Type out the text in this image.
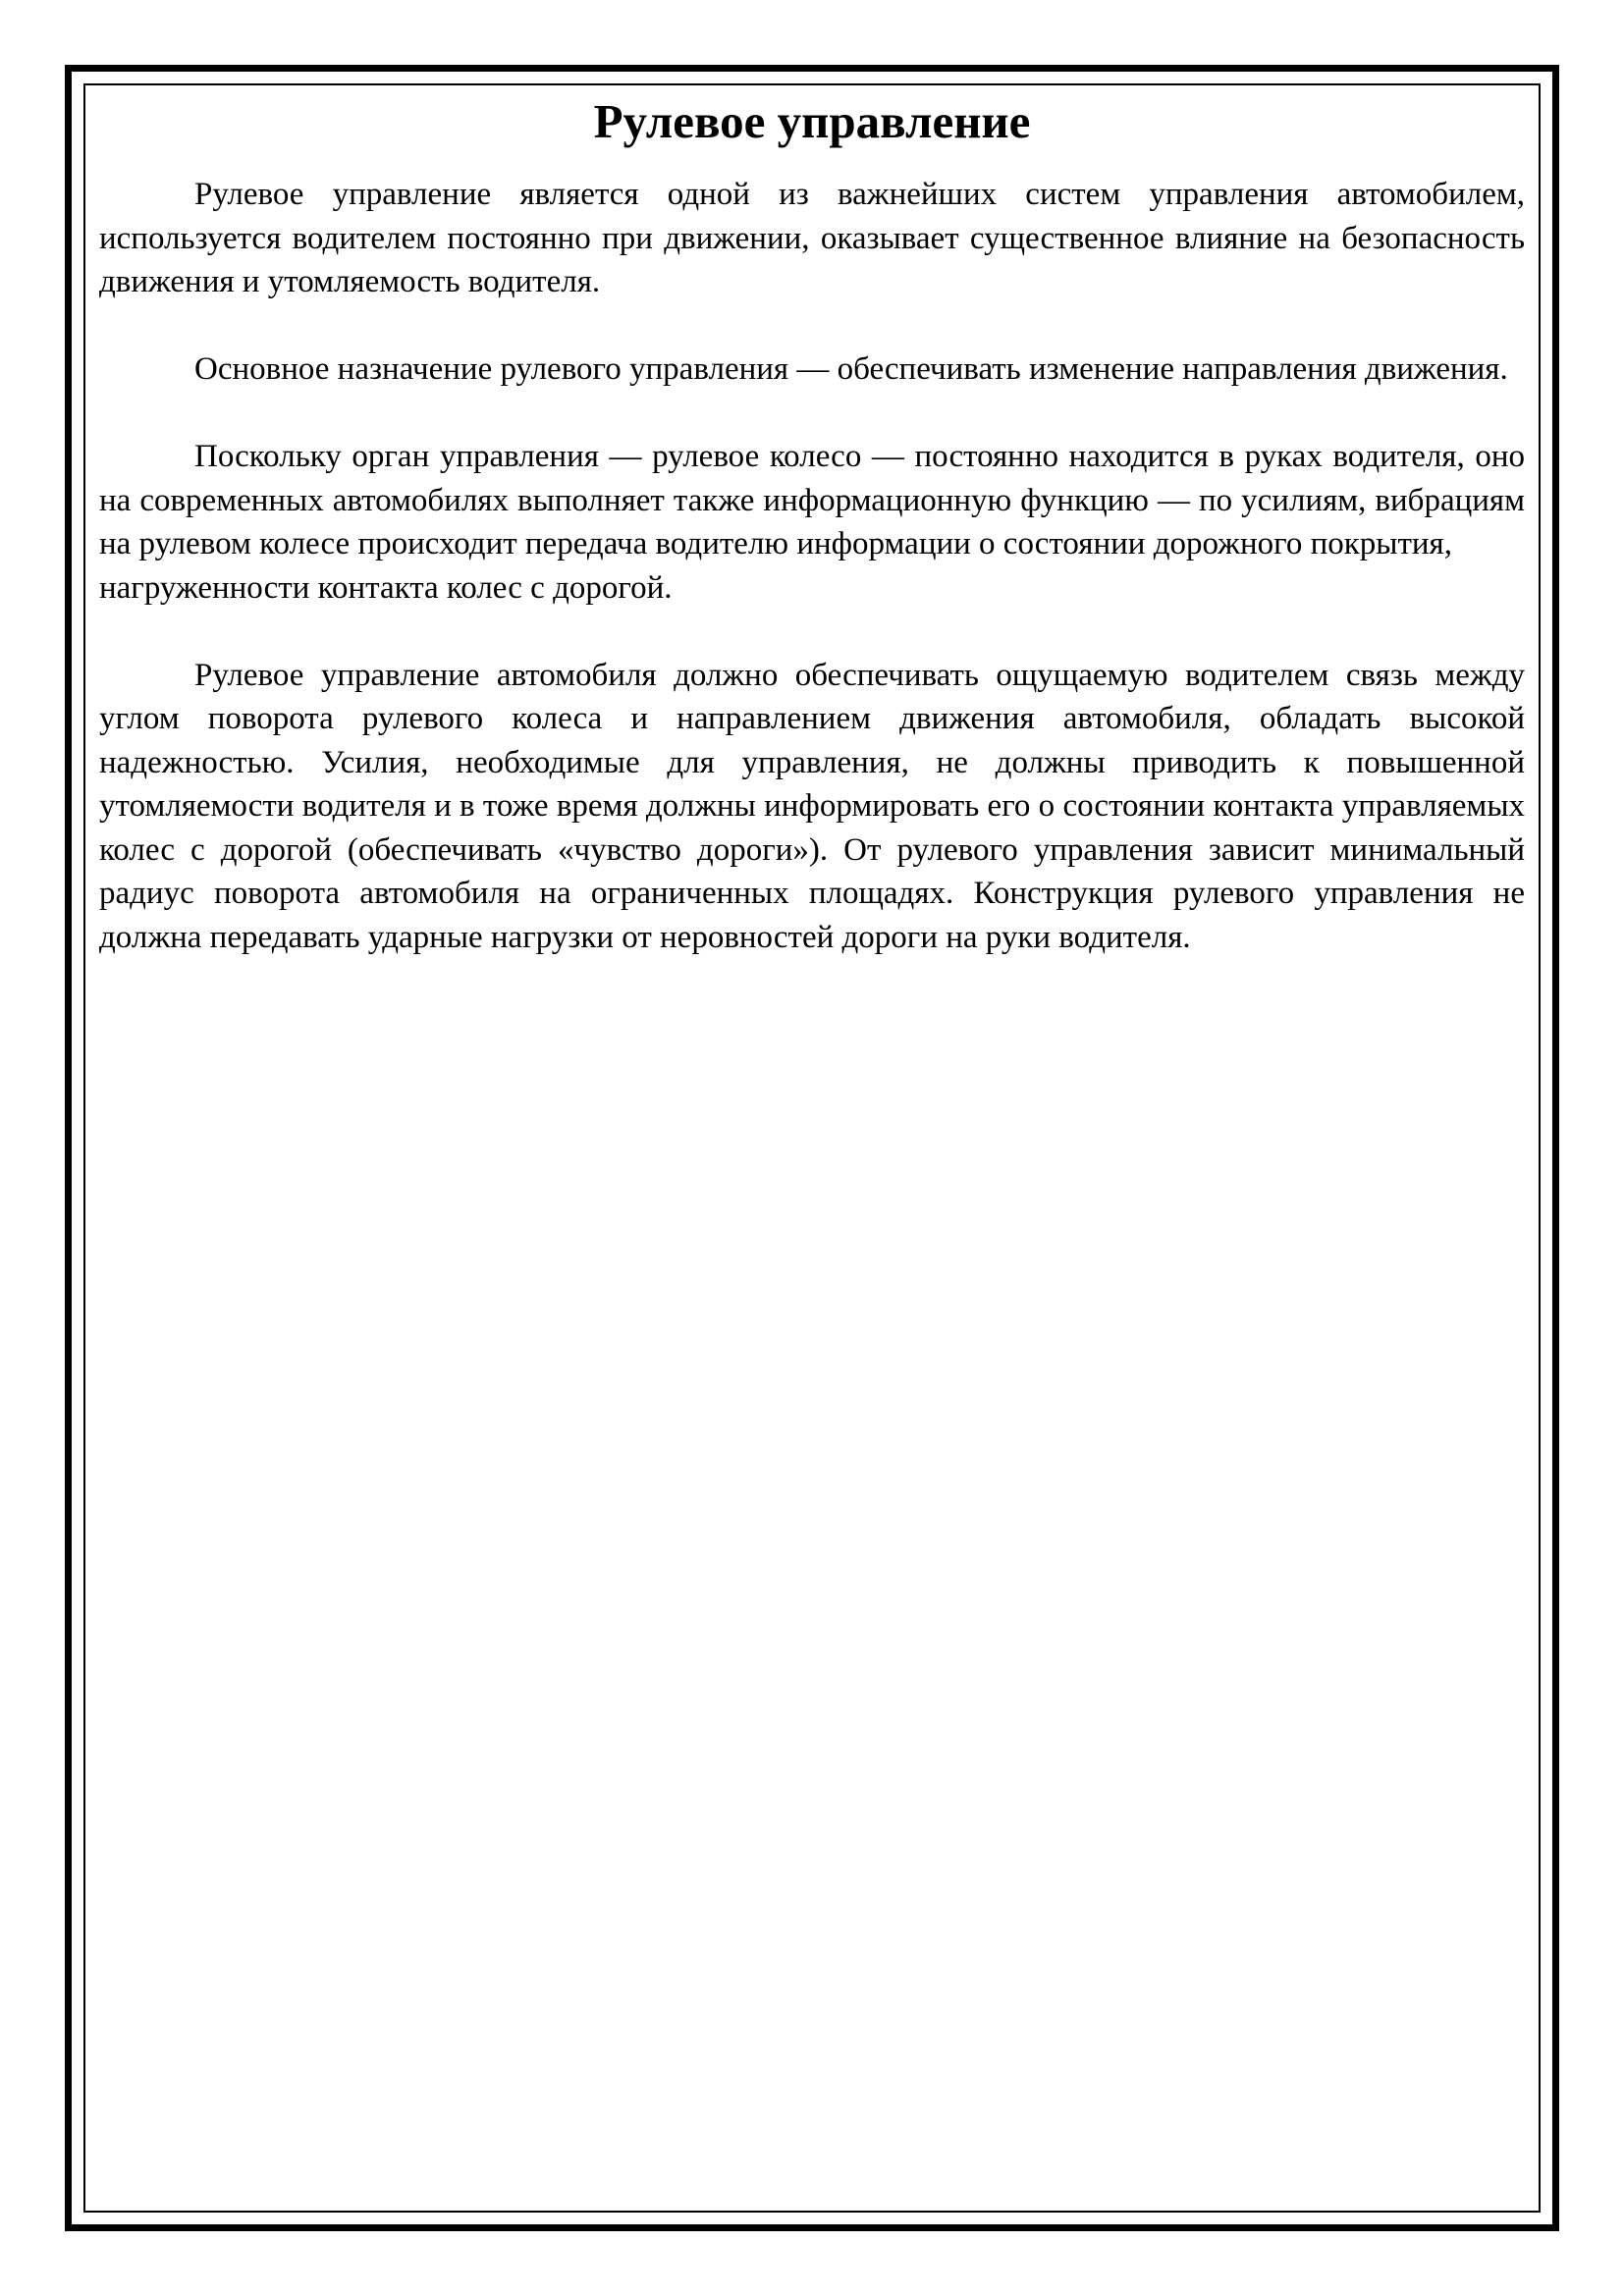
Рулевое управление

Рулевое управление является одной из важнейших систем управления автомобилем, используется водителем постоянно при движении, оказывает существенное влияние на безопасность движения и утомляемость водителя.

Основное назначение рулевого управления — обеспечивать изменение направления движения.

Поскольку орган управления — рулевое колесо — постоянно находится в руках водителя, оно на современных автомобилях выполняет также информационную функцию — по усилиям, вибрациям на рулевом колесе происходит передача водителю информации о состоянии дорожного покрытия,
нагруженности контакта колес с дорогой.

Рулевое управление автомобиля должно обеспечивать ощущаемую водителем связь между углом поворота рулевого колеса и направлением движения автомобиля, обладать высокой надежностью. Усилия, необходимые для управления, не должны приводить к повышенной утомляемости водителя и в тоже время должны информировать его о состоянии контакта управляемых колес с дорогой (обеспечивать «чувство дороги»). От рулевого управления зависит минимальный радиус поворота автомобиля на ограниченных площадях. Конструкция рулевого управления не должна передавать ударные нагрузки от неровностей дороги на руки водителя.
